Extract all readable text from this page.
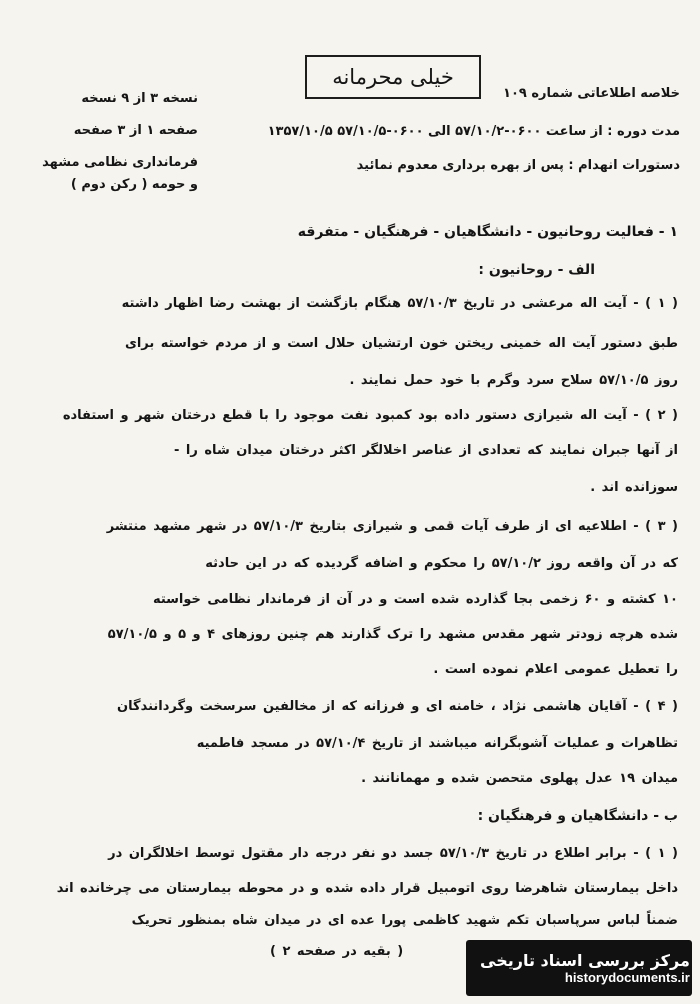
خیلی محرمانه
خلاصه اطلاعاتی شماره ۱۰۹
مدت دوره : از ساعت ۰۶۰۰-۵۷/۱۰/۲ الی ۰۶۰۰-۵۷/۱۰/۵ ۱۳۵۷/۱۰/۵
دستورات انهدام : پس از بهره برداری معدوم نمائید
نسخه ۳ از ۹ نسخه
صفحه ۱ از ۳ صفحه
فرمانداری نظامی مشهد
و حومه ( رکن دوم )
۱ - فعالیت روحانیون - دانشگاهیان - فرهنگیان - متفرقه
الف - روحانیون :
( ۱ ) - آیت اله مرعشی در تاریخ ۵۷/۱۰/۳ هنگام بازگشت از بهشت رضا اظهار داشته
طبق دستور آیت اله خمینی ریختن خون ارتشیان حلال است و از مردم خواسته برای
روز ۵۷/۱۰/۵ سلاح سرد وگرم با خود حمل نمایند .
( ۲ ) - آیت اله شیرازی دستور داده بود کمبود نفت موجود را با قطع درختان شهر و استفاده
از آنها جبران نمایند که تعدادی از عناصر اخلالگر اکثر درختان میدان شاه را -
سوزانده اند .
( ۳ ) - اطلاعیه ای از طرف آیات قمی و شیرازی بتاریخ ۵۷/۱۰/۳ در شهر مشهد منتشر
که در آن واقعه روز ۵۷/۱۰/۲ را محکوم و اضافه گردیده که در این حادثه
۱۰ کشته و ۶۰ زخمی بجا گذارده شده است و در آن از فرماندار نظامی خواسته
شده هرچه زودتر شهر مقدس مشهد را ترک گذارند هم چنین روزهای ۴ و ۵ و ۵۷/۱۰/۵
را تعطیل عمومی اعلام نموده است .
( ۴ ) - آقایان هاشمی نژاد ، خامنه ای و فرزانه که از مخالفین سرسخت وگردانندگان
تظاهرات و عملیات آشوبگرانه میباشند از تاریخ ۵۷/۱۰/۴ در مسجد فاطمیه
میدان ۱۹ عدل پهلوی متحصن شده و مهمانانند .
ب - دانشگاهیان و فرهنگیان :
( ۱ ) - برابر اطلاع در تاریخ ۵۷/۱۰/۳ جسد دو نفر درجه دار مقتول توسط اخلالگران در
داخل بیمارستان شاهرضا روی اتومبیل قرار داده شده و در محوطه بیمارستان می چرخانده اند
ضمناً لباس سرپاسبان تکم شهید کاظمی پورا عده ای در میدان شاه بمنظور تحریک
( بقیه در صفحه ۲ )	مرکز بررسی اسناد تاریخی
historydocuments.ir
